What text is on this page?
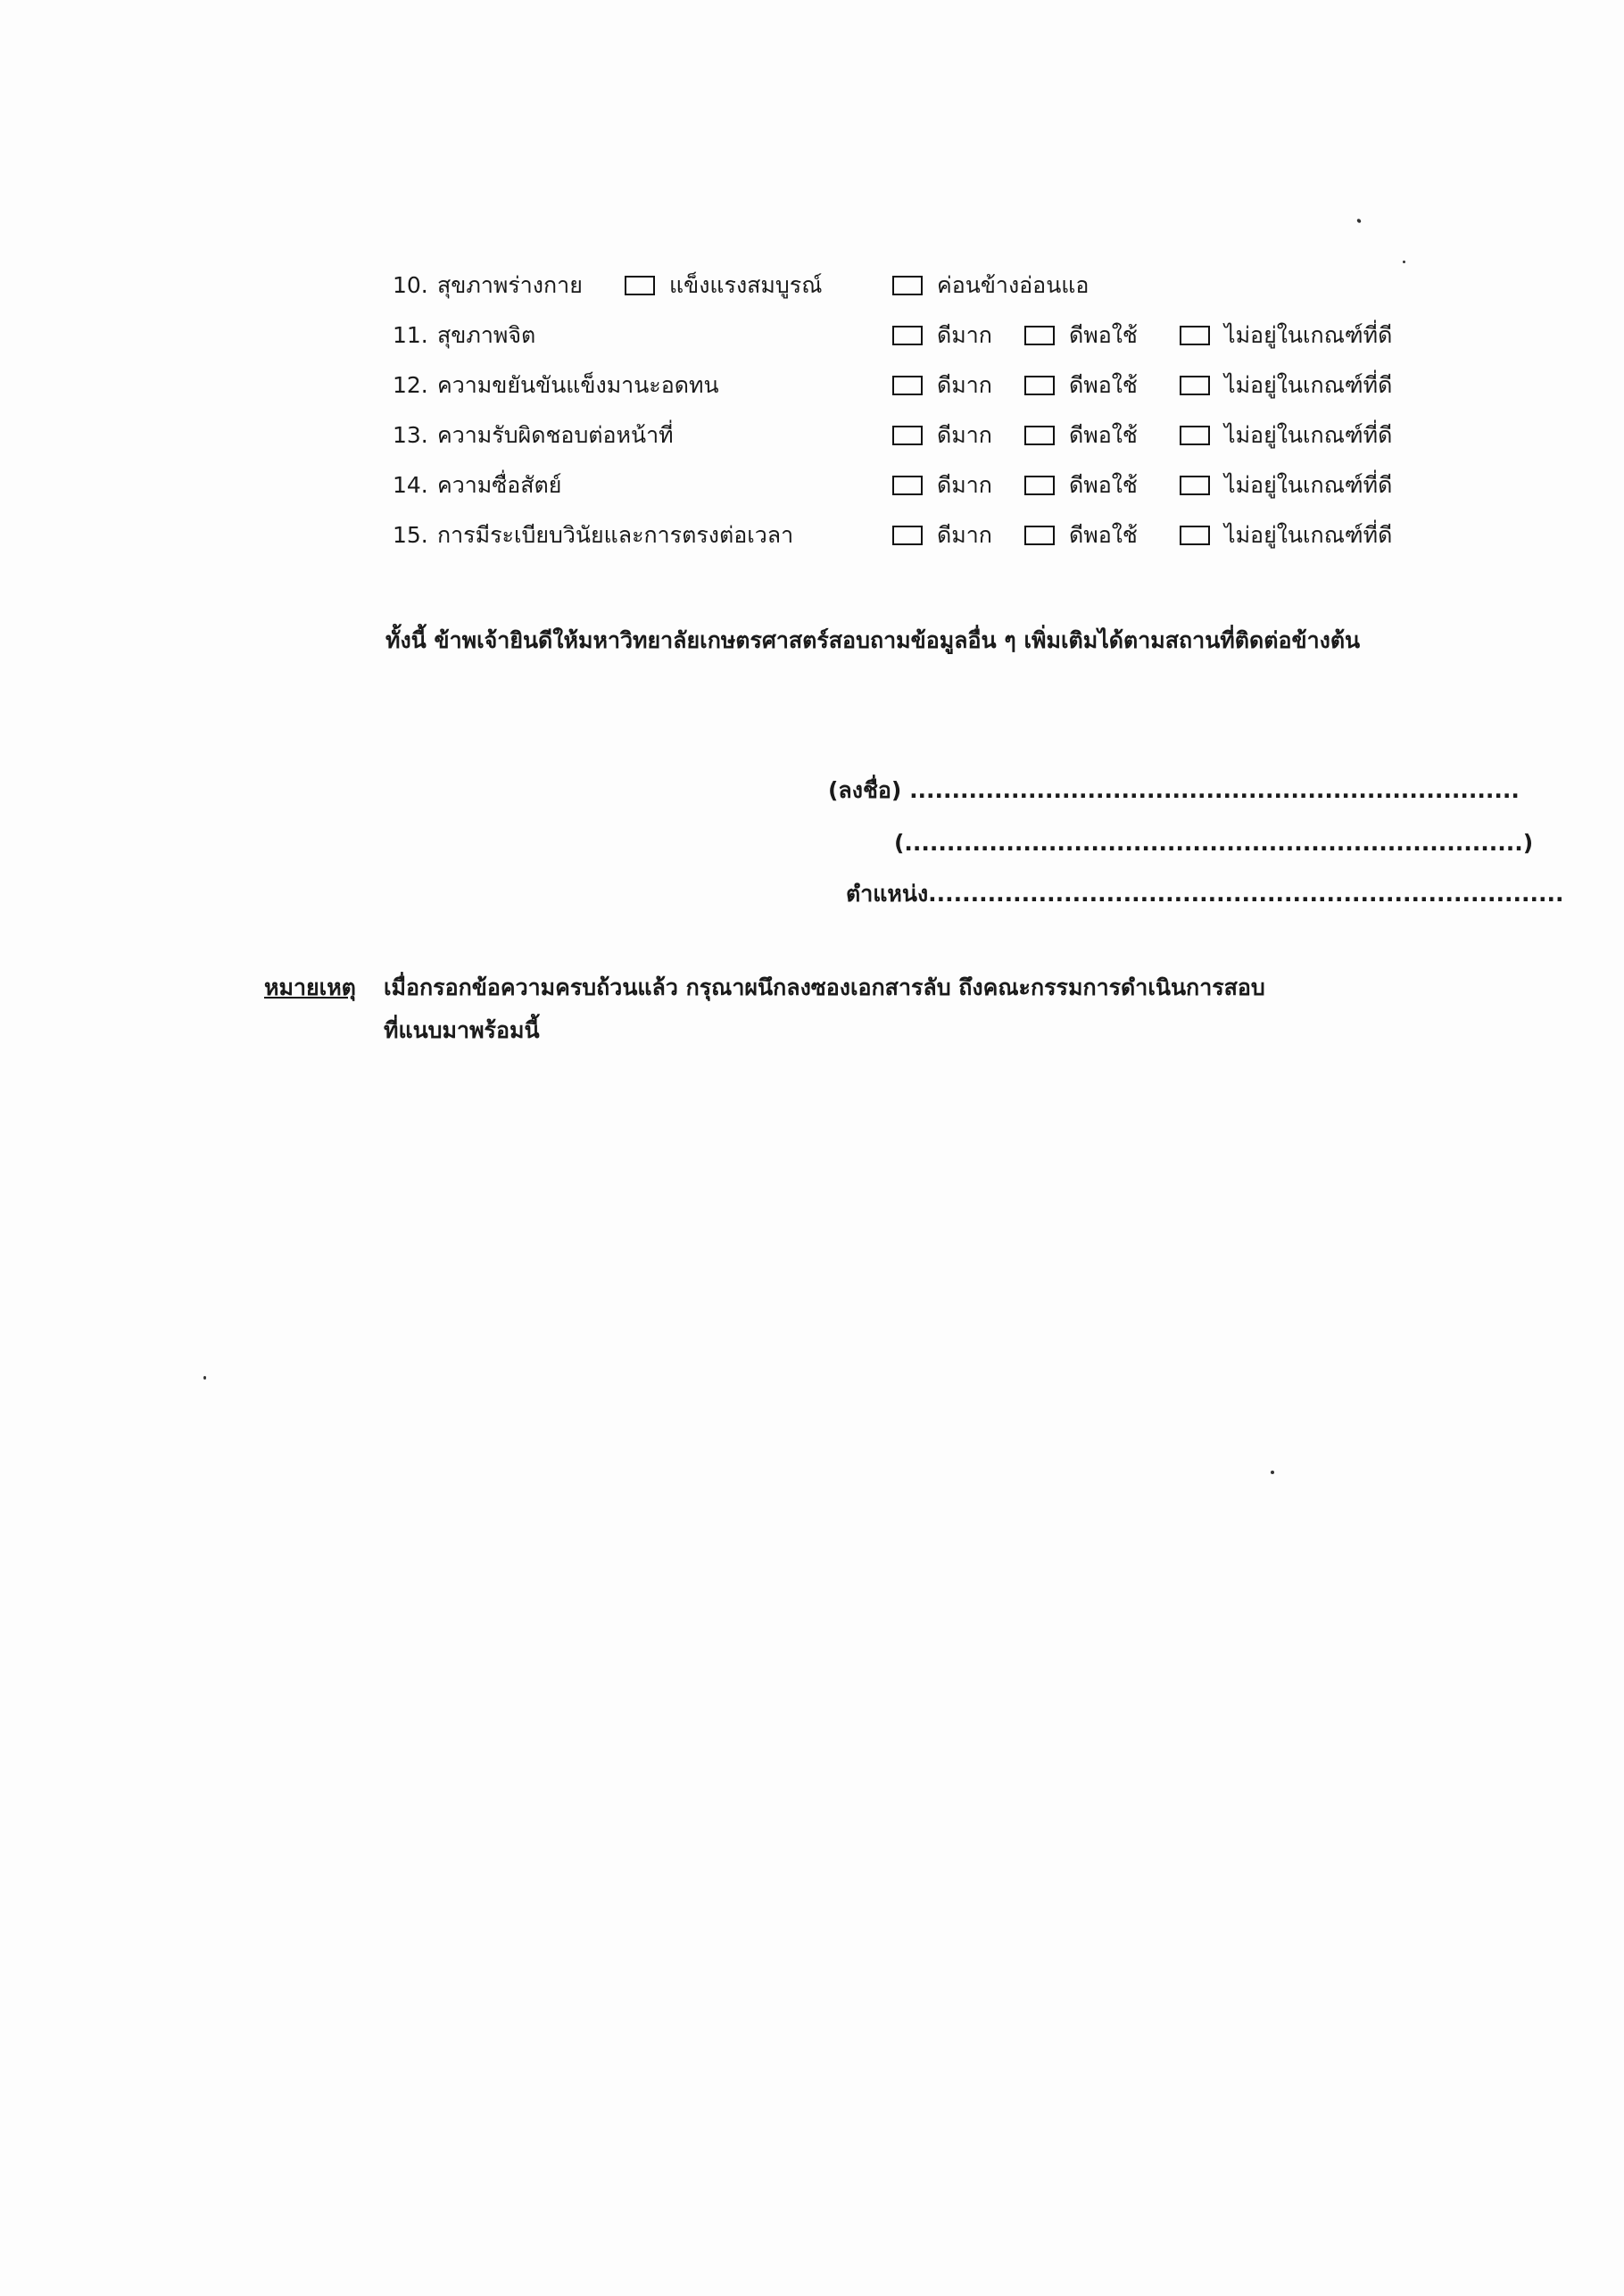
10. สุขภาพร่างกาย	แข็งแรงสมบูรณ์	ค่อนข้างอ่อนแอ
11. สุขภาพจิต	ดีมาก	ดีพอใช้	ไม่อยู่ในเกณฑ์ที่ดี
12. ความขยันขันแข็งมานะอดทน	ดีมาก	ดีพอใช้	ไม่อยู่ในเกณฑ์ที่ดี
13. ความรับผิดชอบต่อหน้าที่	ดีมาก	ดีพอใช้	ไม่อยู่ในเกณฑ์ที่ดี
14. ความซื่อสัตย์	ดีมาก	ดีพอใช้	ไม่อยู่ในเกณฑ์ที่ดี
15. การมีระเบียบวินัยและการตรงต่อเวลา	ดีมาก	ดีพอใช้	ไม่อยู่ในเกณฑ์ที่ดี
ทั้งนี้ ข้าพเจ้ายินดีให้มหาวิทยาลัยเกษตรศาสตร์สอบถามข้อมูลอื่น ๆ เพิ่มเติมได้ตามสถานที่ติดต่อข้างต้น
(ลงชื่อ) ........................................................................
(.........................................................................)
ตำแหน่ง...........................................................................
หมายเหตุ เมื่อกรอกข้อความครบถ้วนแล้ว กรุณาผนึกลงซองเอกสารลับ ถึงคณะกรรมการดำเนินการสอบ
ที่แนบมาพร้อมนี้
